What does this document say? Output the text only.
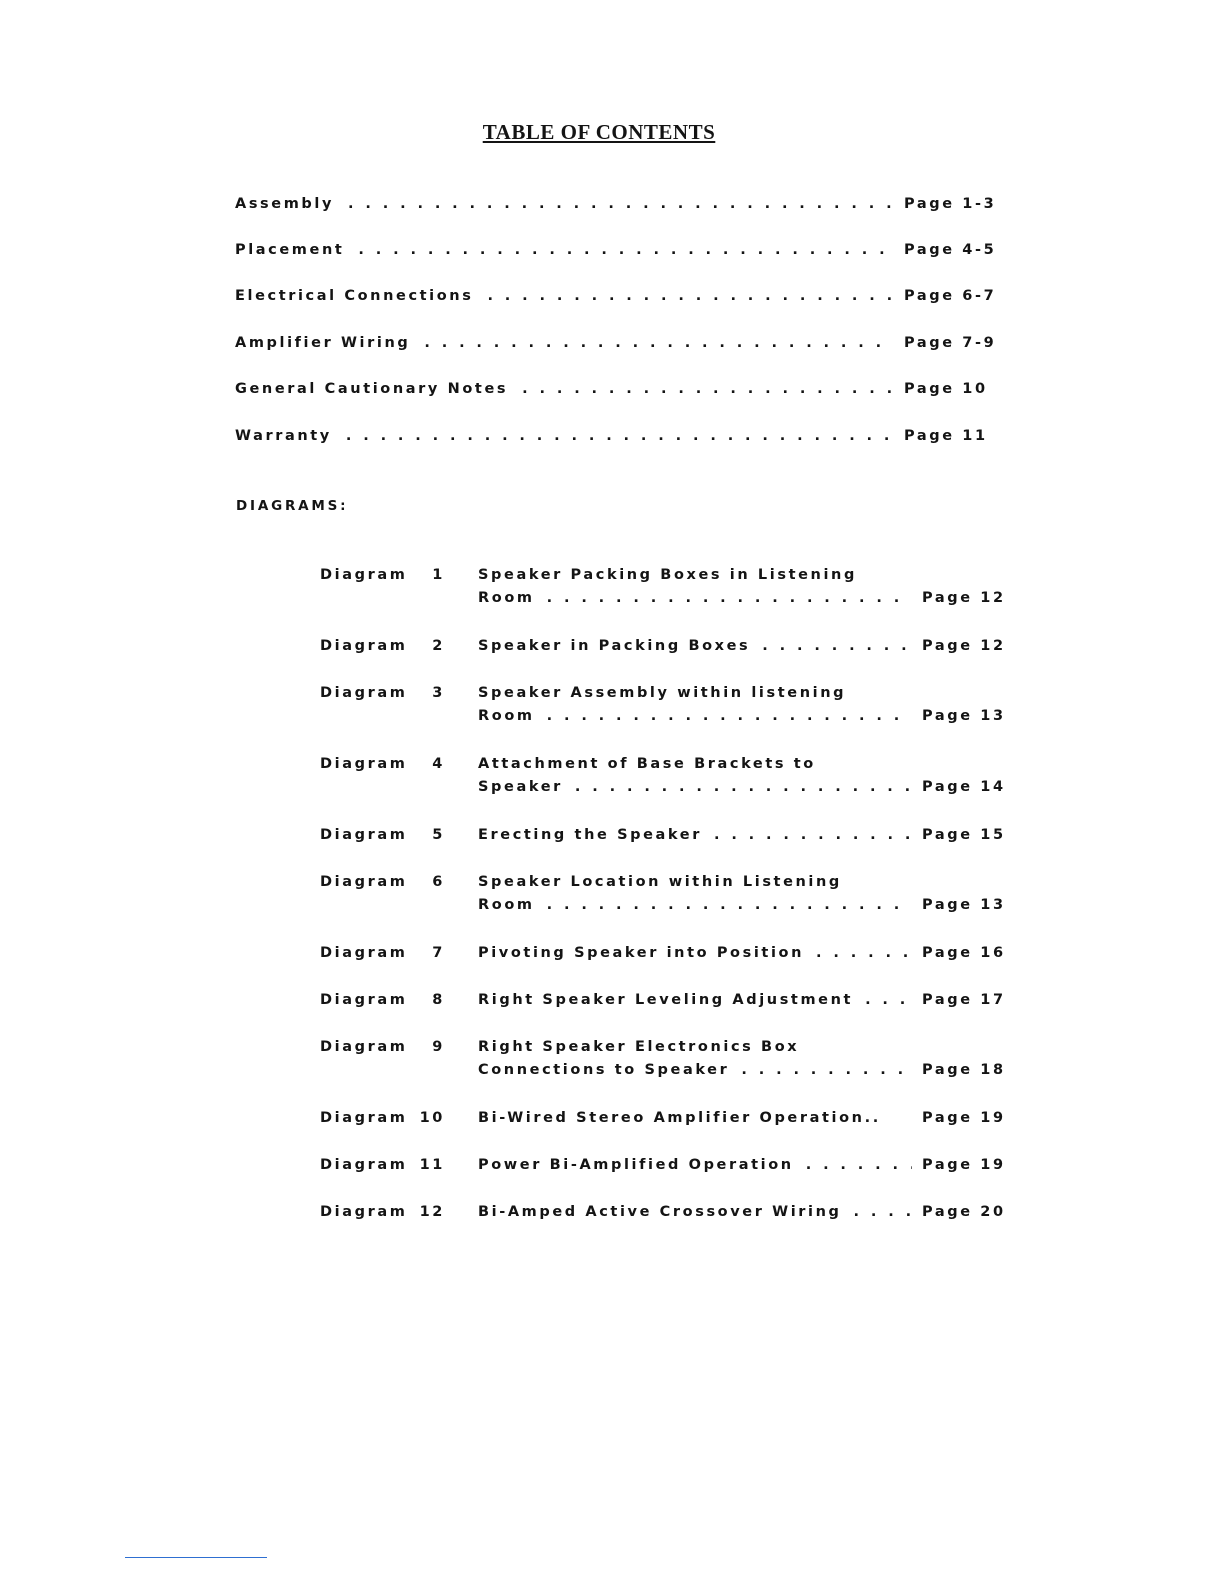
TABLE OF CONTENTS
Assembly . . .	Page 1-3
Placement . . .	Page 4-5
Electrical Connections . . .	Page 6-7
Amplifier Wiring . . .	Page 7-9
General Cautionary Notes . . .	Page 10
Warranty . . .	Page 11
DIAGRAMS:
Diagram 1 Speaker Packing Boxes in Listening
Room . . .	Page 12
Diagram 2 Speaker in Packing Boxes . . .	Page 12
Diagram 3 Speaker Assembly within listening
Room . . .	Page 13
Diagram 4 Attachment of Base Brackets to
Speaker . . .	Page 14
Diagram 5 Erecting the Speaker . . .	Page 15
Diagram 6 Speaker Location within Listening
Room . . .	Page 13
Diagram 7 Pivoting Speaker into Position . . .	Page 16
Diagram 8 Right Speaker Leveling Adjustment . . .	Page 17
Diagram 9 Right Speaker Electronics Box
Connections to Speaker . . .	Page 18
Diagram 10 Bi-Wired Stereo Amplifier Operation..	Page 19
Diagram 11 Power Bi-Amplified Operation . . .	Page 19
Diagram 12 Bi-Amped Active Crossover Wiring . . .	Page 20
